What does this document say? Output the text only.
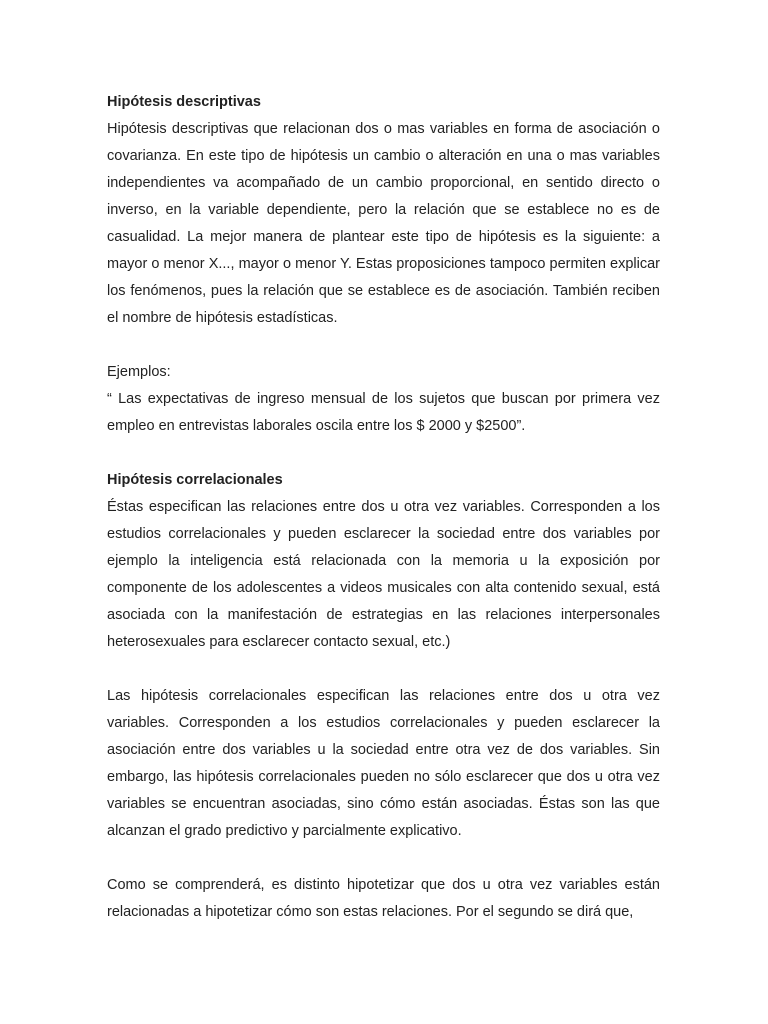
Hipótesis descriptivas

Hipótesis descriptivas que relacionan dos o mas variables en forma de asociación o covarianza. En este tipo de hipótesis un cambio o alteración en una o mas variables independientes va acompañado de un cambio proporcional, en sentido directo o inverso, en la variable dependiente, pero la relación que se establece no es de casualidad. La mejor manera de plantear este tipo de hipótesis es la siguiente: a mayor o menor X..., mayor o menor Y. Estas proposiciones tampoco permiten explicar los fenómenos, pues la relación que se establece es de asociación. También reciben el nombre de hipótesis estadísticas.

Ejemplos:

“ Las expectativas de ingreso mensual de los sujetos que buscan por primera vez empleo en entrevistas laborales oscila entre los $ 2000 y $2500”.

Hipótesis correlacionales

Éstas especifican las relaciones entre dos u otra vez variables. Corresponden a los estudios correlacionales y pueden esclarecer la sociedad entre dos variables por ejemplo la inteligencia está relacionada con la memoria u la exposición por componente de los adolescentes a videos musicales con alta contenido sexual, está asociada con la manifestación de estrategias en las relaciones interpersonales heterosexuales para esclarecer contacto sexual, etc.)

Las hipótesis correlacionales especifican las relaciones entre dos u otra vez variables. Corresponden a los estudios correlacionales y pueden esclarecer la asociación entre dos variables u la sociedad entre otra vez de dos variables. Sin embargo, las hipótesis correlacionales pueden no sólo esclarecer que dos u otra vez variables se encuentran asociadas, sino cómo están asociadas. Éstas son las que alcanzan el grado predictivo y parcialmente explicativo.

Como se comprenderá, es distinto hipotetizar que dos u otra vez variables están relacionadas a hipotetizar cómo son estas relaciones. Por el segundo se dirá que,
